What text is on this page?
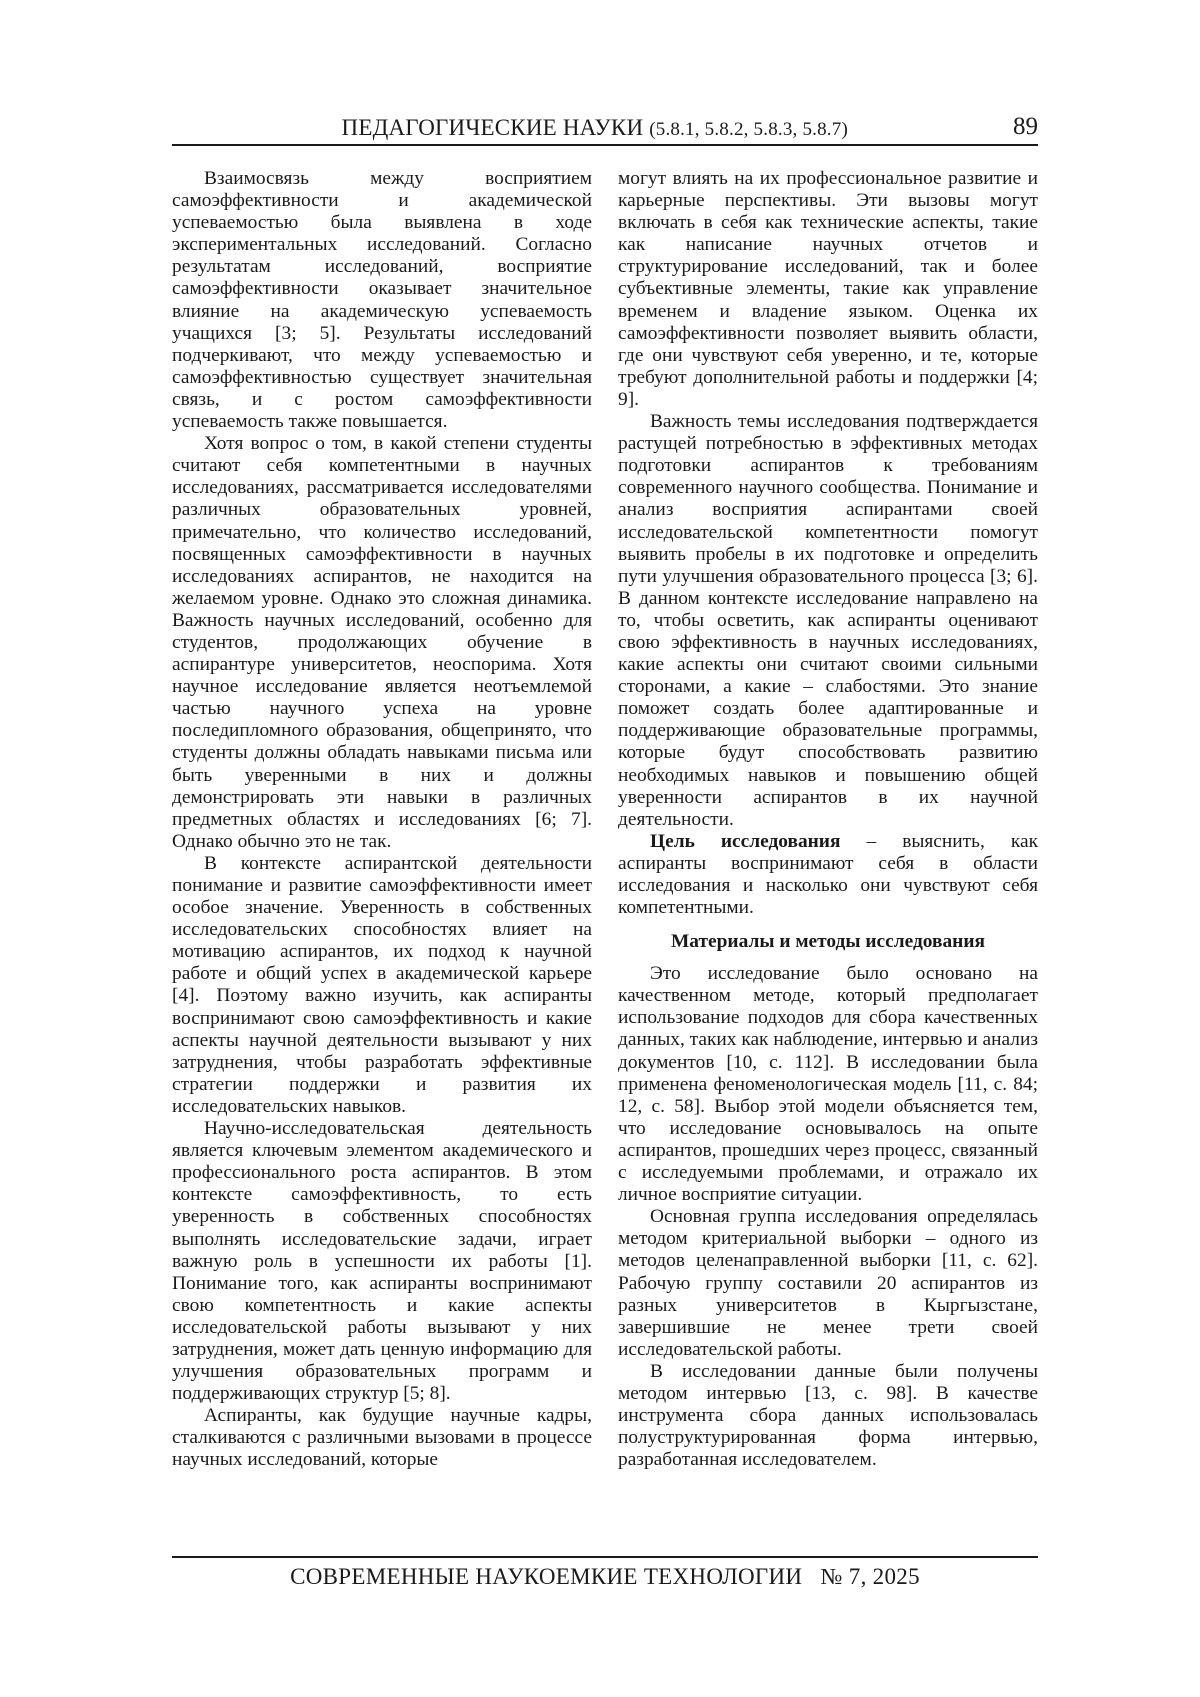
ПЕДАГОГИЧЕСКИЕ НАУКИ (5.8.1, 5.8.2, 5.8.3, 5.8.7)	89

Взаимосвязь между восприятием самоэффективности и академической успеваемостью была выявлена в ходе экспериментальных исследований. Согласно результатам исследований, восприятие самоэффективности оказывает значительное влияние на академическую успеваемость учащихся [3; 5]. Результаты исследований подчеркивают, что между успеваемостью и самоэффективностью существует значительная связь, и с ростом самоэффективности успеваемость также повышается.

Хотя вопрос о том, в какой степени студенты считают себя компетентными в научных исследованиях, рассматривается исследователями различных образовательных уровней, примечательно, что количество исследований, посвященных самоэффективности в научных исследованиях аспирантов, не находится на желаемом уровне. Однако это сложная динамика. Важность научных исследований, особенно для студентов, продолжающих обучение в аспирантуре университетов, неоспорима. Хотя научное исследование является неотъемлемой частью научного успеха на уровне последипломного образования, общепринято, что студенты должны обладать навыками письма или быть уверенными в них и должны демонстрировать эти навыки в различных предметных областях и исследованиях [6; 7]. Однако обычно это не так.

В контексте аспирантской деятельности понимание и развитие самоэффективности имеет особое значение. Уверенность в собственных исследовательских способностях влияет на мотивацию аспирантов, их подход к научной работе и общий успех в академической карьере [4]. Поэтому важно изучить, как аспиранты воспринимают свою самоэффективность и какие аспекты научной деятельности вызывают у них затруднения, чтобы разработать эффективные стратегии поддержки и развития их исследовательских навыков.

Научно-исследовательская деятельность является ключевым элементом академического и профессионального роста аспирантов. В этом контексте самоэффективность, то есть уверенность в собственных способностях выполнять исследовательские задачи, играет важную роль в успешности их работы [1]. Понимание того, как аспиранты воспринимают свою компетентность и какие аспекты исследовательской работы вызывают у них затруднения, может дать ценную информацию для улучшения образовательных программ и поддерживающих структур [5; 8].

Аспиранты, как будущие научные кадры, сталкиваются с различными вызовами в процессе научных исследований, которые

могут влиять на их профессиональное развитие и карьерные перспективы. Эти вызовы могут включать в себя как технические аспекты, такие как написание научных отчетов и структурирование исследований, так и более субъективные элементы, такие как управление временем и владение языком. Оценка их самоэффективности позволяет выявить области, где они чувствуют себя уверенно, и те, которые требуют дополнительной работы и поддержки [4; 9].

Важность темы исследования подтверждается растущей потребностью в эффективных методах подготовки аспирантов к требованиям современного научного сообщества. Понимание и анализ восприятия аспирантами своей исследовательской компетентности помогут выявить пробелы в их подготовке и определить пути улучшения образовательного процесса [3; 6]. В данном контексте исследование направлено на то, чтобы осветить, как аспиранты оценивают свою эффективность в научных исследованиях, какие аспекты они считают своими сильными сторонами, а какие – слабостями. Это знание поможет создать более адаптированные и поддерживающие образовательные программы, которые будут способствовать развитию необходимых навыков и повышению общей уверенности аспирантов в их научной деятельности.

Цель исследования – выяснить, как аспиранты воспринимают себя в области исследования и насколько они чувствуют себя компетентными.

Материалы и методы исследования

Это исследование было основано на качественном методе, который предполагает использование подходов для сбора качественных данных, таких как наблюдение, интервью и анализ документов [10, с. 112]. В исследовании была применена феноменологическая модель [11, с. 84; 12, с. 58]. Выбор этой модели объясняется тем, что исследование основывалось на опыте аспирантов, прошедших через процесс, связанный с исследуемыми проблемами, и отражало их личное восприятие ситуации.

Основная группа исследования определялась методом критериальной выборки – одного из методов целенаправленной выборки [11, с. 62]. Рабочую группу составили 20 аспирантов из разных университетов в Кыргызстане, завершившие не менее трети своей исследовательской работы.

В исследовании данные были получены методом интервью [13, с. 98]. В качестве инструмента сбора данных использовалась полуструктурированная форма интервью, разработанная исследователем.

СОВРЕМЕННЫЕ НАУКОЕМКИЕ ТЕХНОЛОГИИ № 7, 2025
